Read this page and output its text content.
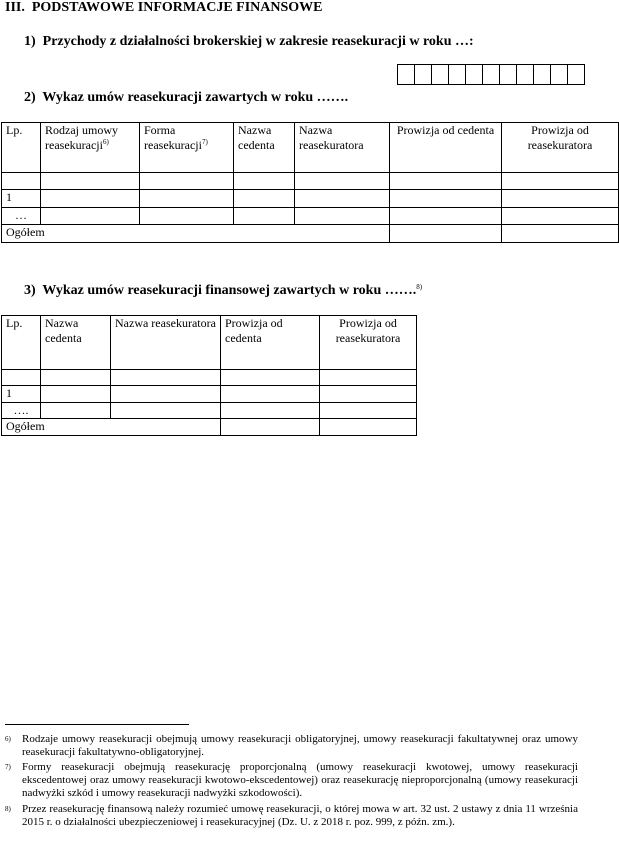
III.  PODSTAWOWE INFORMACJE FINANSOWE
1)  Przychody z działalności brokerskiej w zakresie reasekuracji w roku …:
2)  Wykaz umów reasekuracji zawartych w roku …….
Lp.	Rodzaj umowy reasekuracji$^{6)}$	Forma reasekuracji$^{7)}$	Nazwa cedenta	Nazwa reasekuratora	Prowizja od cedenta	Prowizja od reasekuratora

1						
…						
Ogółem						
3)  Wykaz umów reasekuracji finansowej zawartych w roku …….$^{8)}$
Lp.	Nazwa cedenta	Nazwa reasekuratora	Prowizja od cedenta	Prowizja od reasekuratora

1				
….				
Ogółem				
6) Rodzaje umowy reasekuracji obejmują umowy reasekuracji obligatoryjnej, umowy reasekuracji fakultatywnej oraz umowy reasekuracji fakultatywno-obligatoryjnej.
7) Formy reasekuracji obejmują reasekurację proporcjonalną (umowy reasekuracji kwotowej, umowy reasekuracji ekscedentowej oraz umowy reasekuracji kwotowo-ekscedentowej) oraz reasekurację nieproporcjonalną (umowy reasekuracji nadwyżki szkód i umowy reasekuracji nadwyżki szkodowości).
8) Przez reasekurację finansową należy rozumieć umowę reasekuracji, o której mowa w art. 32 ust. 2 ustawy z dnia 11 września 2015 r. o działalności ubezpieczeniowej i reasekuracyjnej (Dz. U. z 2018 r. poz. 999, z późn. zm.).
